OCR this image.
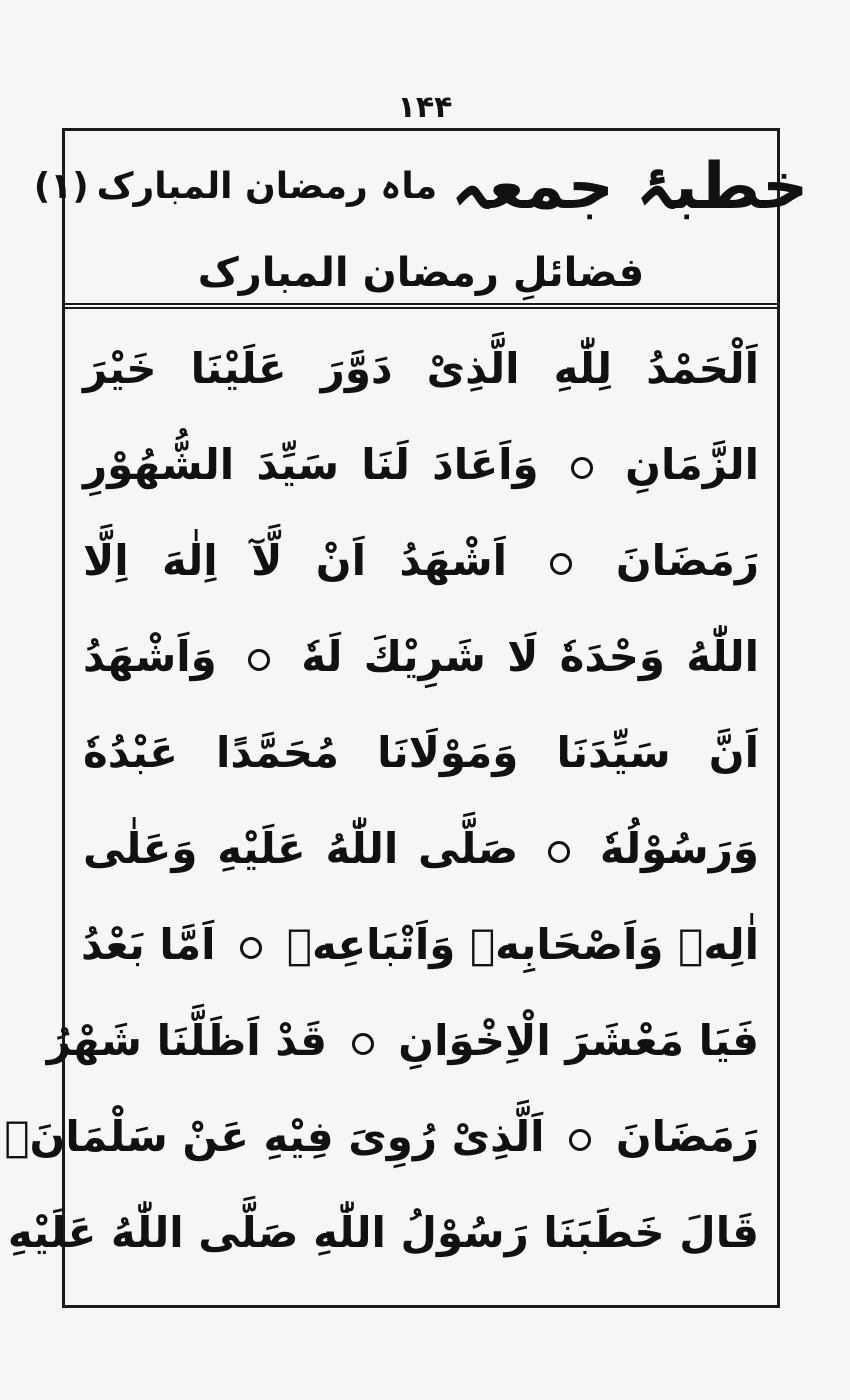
۱۴۴
خطبۂ جمعہ
ماہ رمضان المبارک
(۱)
فضائلِ رمضان المبارک
اَلْحَمْدُ لِلّٰهِ الَّذِیْ دَوَّرَ عَلَیْنَا خَیْرَ
الزَّمَانِ  وَاَعَادَ لَنَا سَیِّدَ الشُّهُوْرِ
رَمَضَانَ  اَشْهَدُ اَنْ لَّآ اِلٰهَ اِلَّا
اللّٰهُ وَحْدَهٗ لَا شَرِیْكَ لَهٗ  وَاَشْهَدُ
اَنَّ سَیِّدَنَا وَمَوْلَانَا مُحَمَّدًا عَبْدُهٗ
وَرَسُوْلُهٗ  صَلَّی اللّٰهُ عَلَیْهِ وَعَلٰی
اٰلِهٖ وَاَصْحَابِهٖ وَاَتْبَاعِهٖ  اَمَّا بَعْدُ
فَیَا مَعْشَرَ الْاِخْوَانِ  قَدْ اَظَلَّنَا شَهْرُ
رَمَضَانَ  اَلَّذِیْ رُوِیَ فِیْهِ عَنْ سَلْمَانَؓ
قَالَ خَطَبَنَا رَسُوْلُ اللّٰهِ صَلَّی اللّٰهُ عَلَیْهِ
